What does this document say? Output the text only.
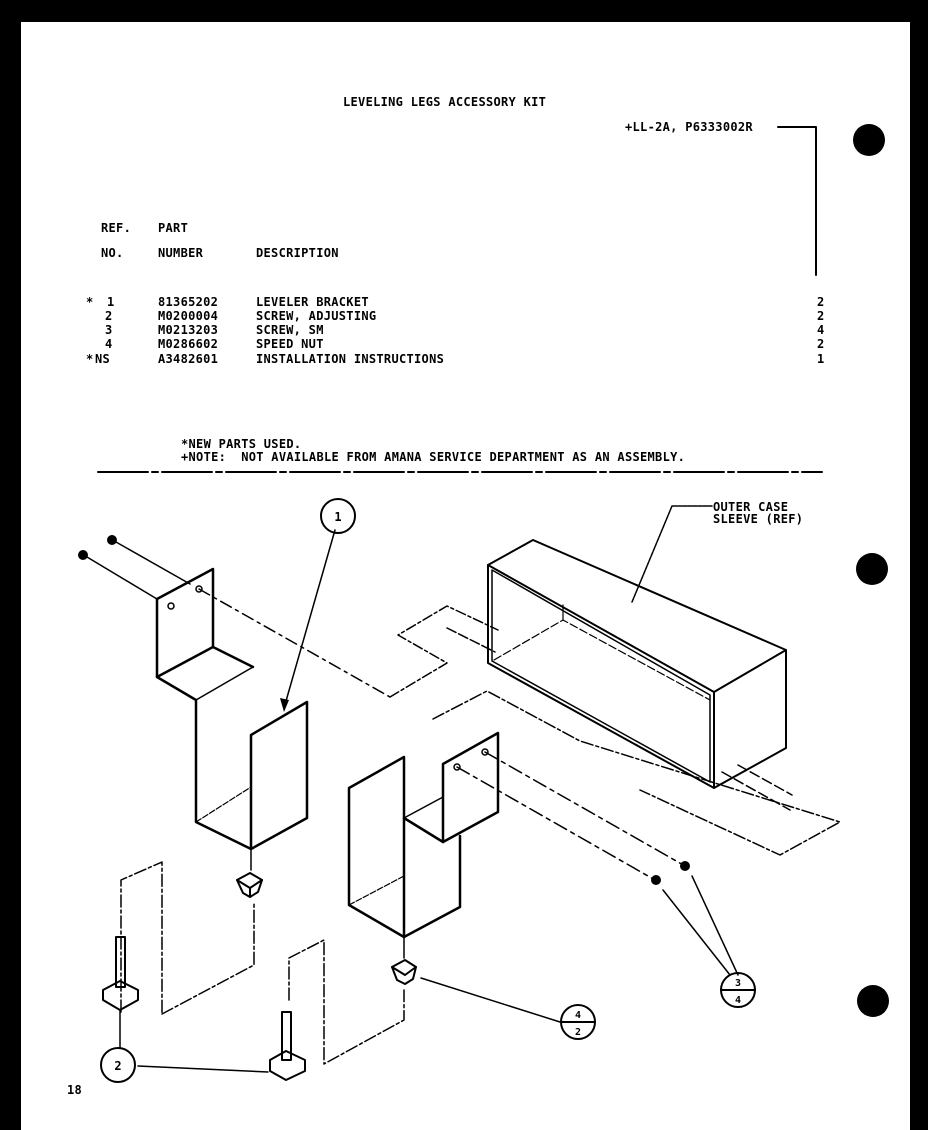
LEVELING LEGS ACCESSORY KIT
+LL-2A, P6333002R
REF. PART
NO.	NUMBER	DESCRIPTION
* 1	81365202	LEVELER BRACKET	2
2	M0200004	SCREW, ADJUSTING	2
3	M0213203	SCREW, SM	4
4	M0286602	SPEED NUT	2
* NS	A3482601	INSTALLATION INSTRUCTIONS	1
*NEW PARTS USED.
+NOTE:  NOT AVAILABLE FROM AMANA SERVICE DEPARTMENT AS AN ASSEMBLY.
OUTER CASE
SLEEVE (REF)
18
1
2
3
4
4
2
